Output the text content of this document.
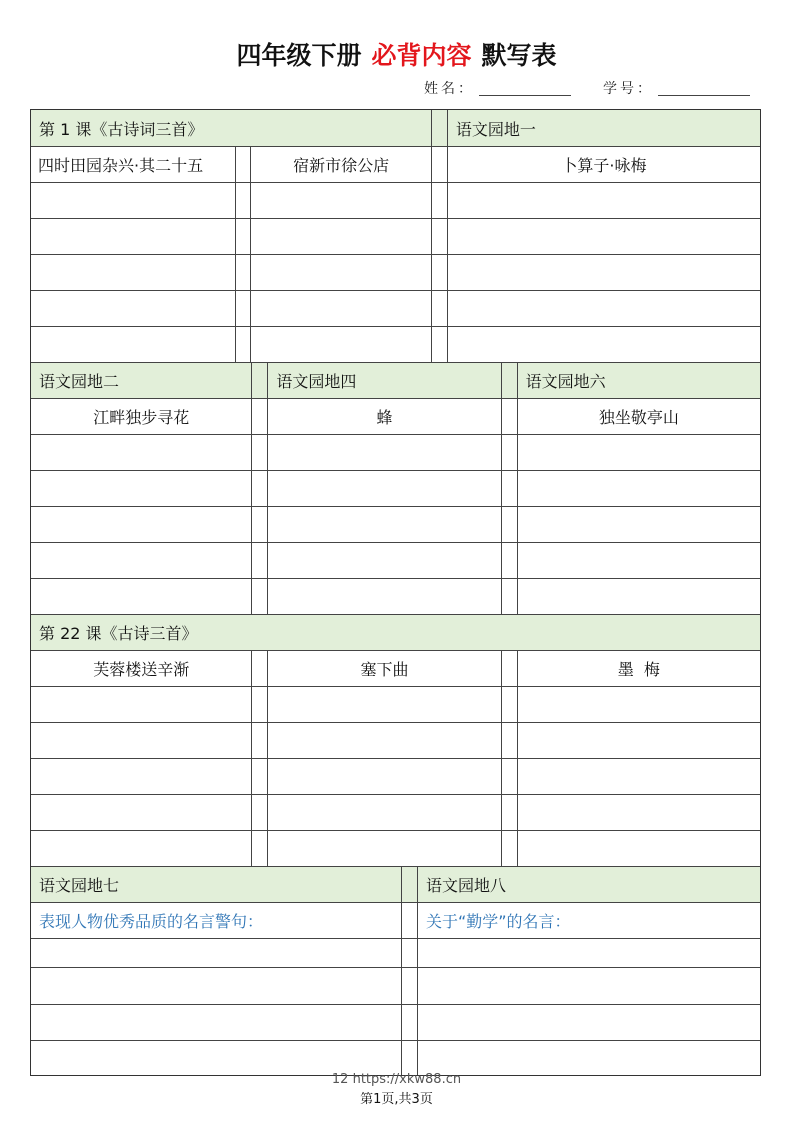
四年级下册 必背内容 默写表
姓名：	学号：
第 1 课《古诗词三首》	语文园地一
四时田园杂兴·其二十五	宿新市徐公店	卜算子·咏梅
语文园地二	语文园地四	语文园地六
江畔独步寻花	蜂	独坐敬亭山
第 22 课《古诗三首》
芙蓉楼送辛渐	塞下曲	墨  梅
语文园地七	语文园地八
表现人物优秀品质的名言警句：	关于“勤学”的名言：
12 https://xkw88.cn
第1页,共3页
